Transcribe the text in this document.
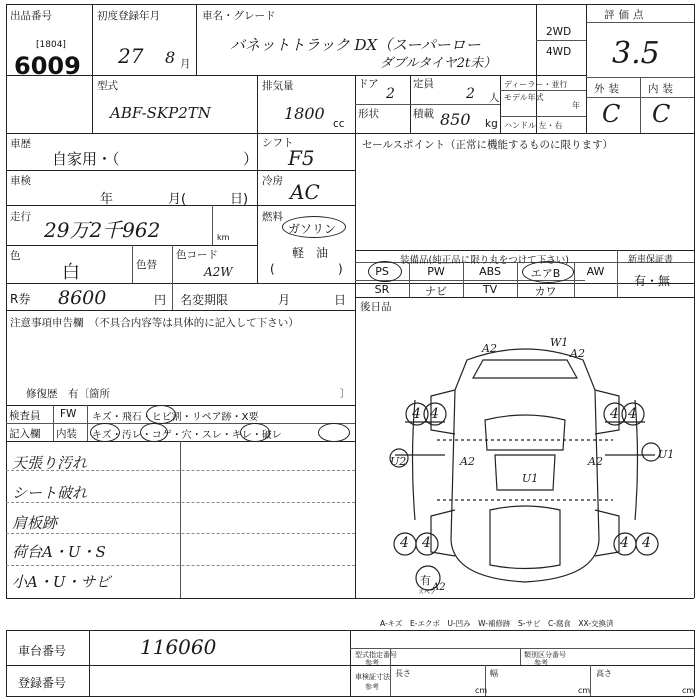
出品番号
[1804]
6009
初度登録年月
27 8 月
車名・グレード
バネットトラック DX（スーパーロー
ダブルタイヤ2t未）
2WD
4WD
評価点
3.5
型式
ABF-SKP2TN
排気量
1800
cc
ドア
2
定員
2 人
形状	積載 850 kg
ディーラー・並行
モデル年式
年
ハンドル 左・右
外装 内装
C C
車歴
自家用・（	）
シフト
F5
車検
年	月(	日)
冷房 AC
走行
29万2千962	km
燃料
ガソリン
軽　油
(	)
色
白	色替
色コード
A2W
R券 8600	円 名変期限	月	日
注意事項申告欄　（不具合内容等は具体的に記入して下さい）
修復歴　有〔箇所	〕
セールスポイント（正常に機能するものに限ります）
装備品(純正品に限り丸をつけて下さい)	新車保証書
有・無
PS	PW	ABS	エアB	AW
SR	ナビ	TV	カワ
後日品
検査員
記入欄
FW キズ・飛石・ヒビ割・リペア跡・X要
内装 キズ・汚レ・コゲ・穴・スレ・キレ・破レ
天張り汚れ
シート破れ
肩板跡
荷台A・U・S
小A・U・サビ
A2	W1
A2
U2	A2	A2
U1
U1
4 4	4 4
4 4	4 4
A2
有
スペア
A-キズ　E-エクボ　U-凹み　W-補修跡　S-サビ　C-腐食　XX-交換済
車台番号	116060
登録番号
型式指定番号
参考
類別区分番号
参考
車検証寸法
参考
長さ
cm
幅
cm
高さ
cm
